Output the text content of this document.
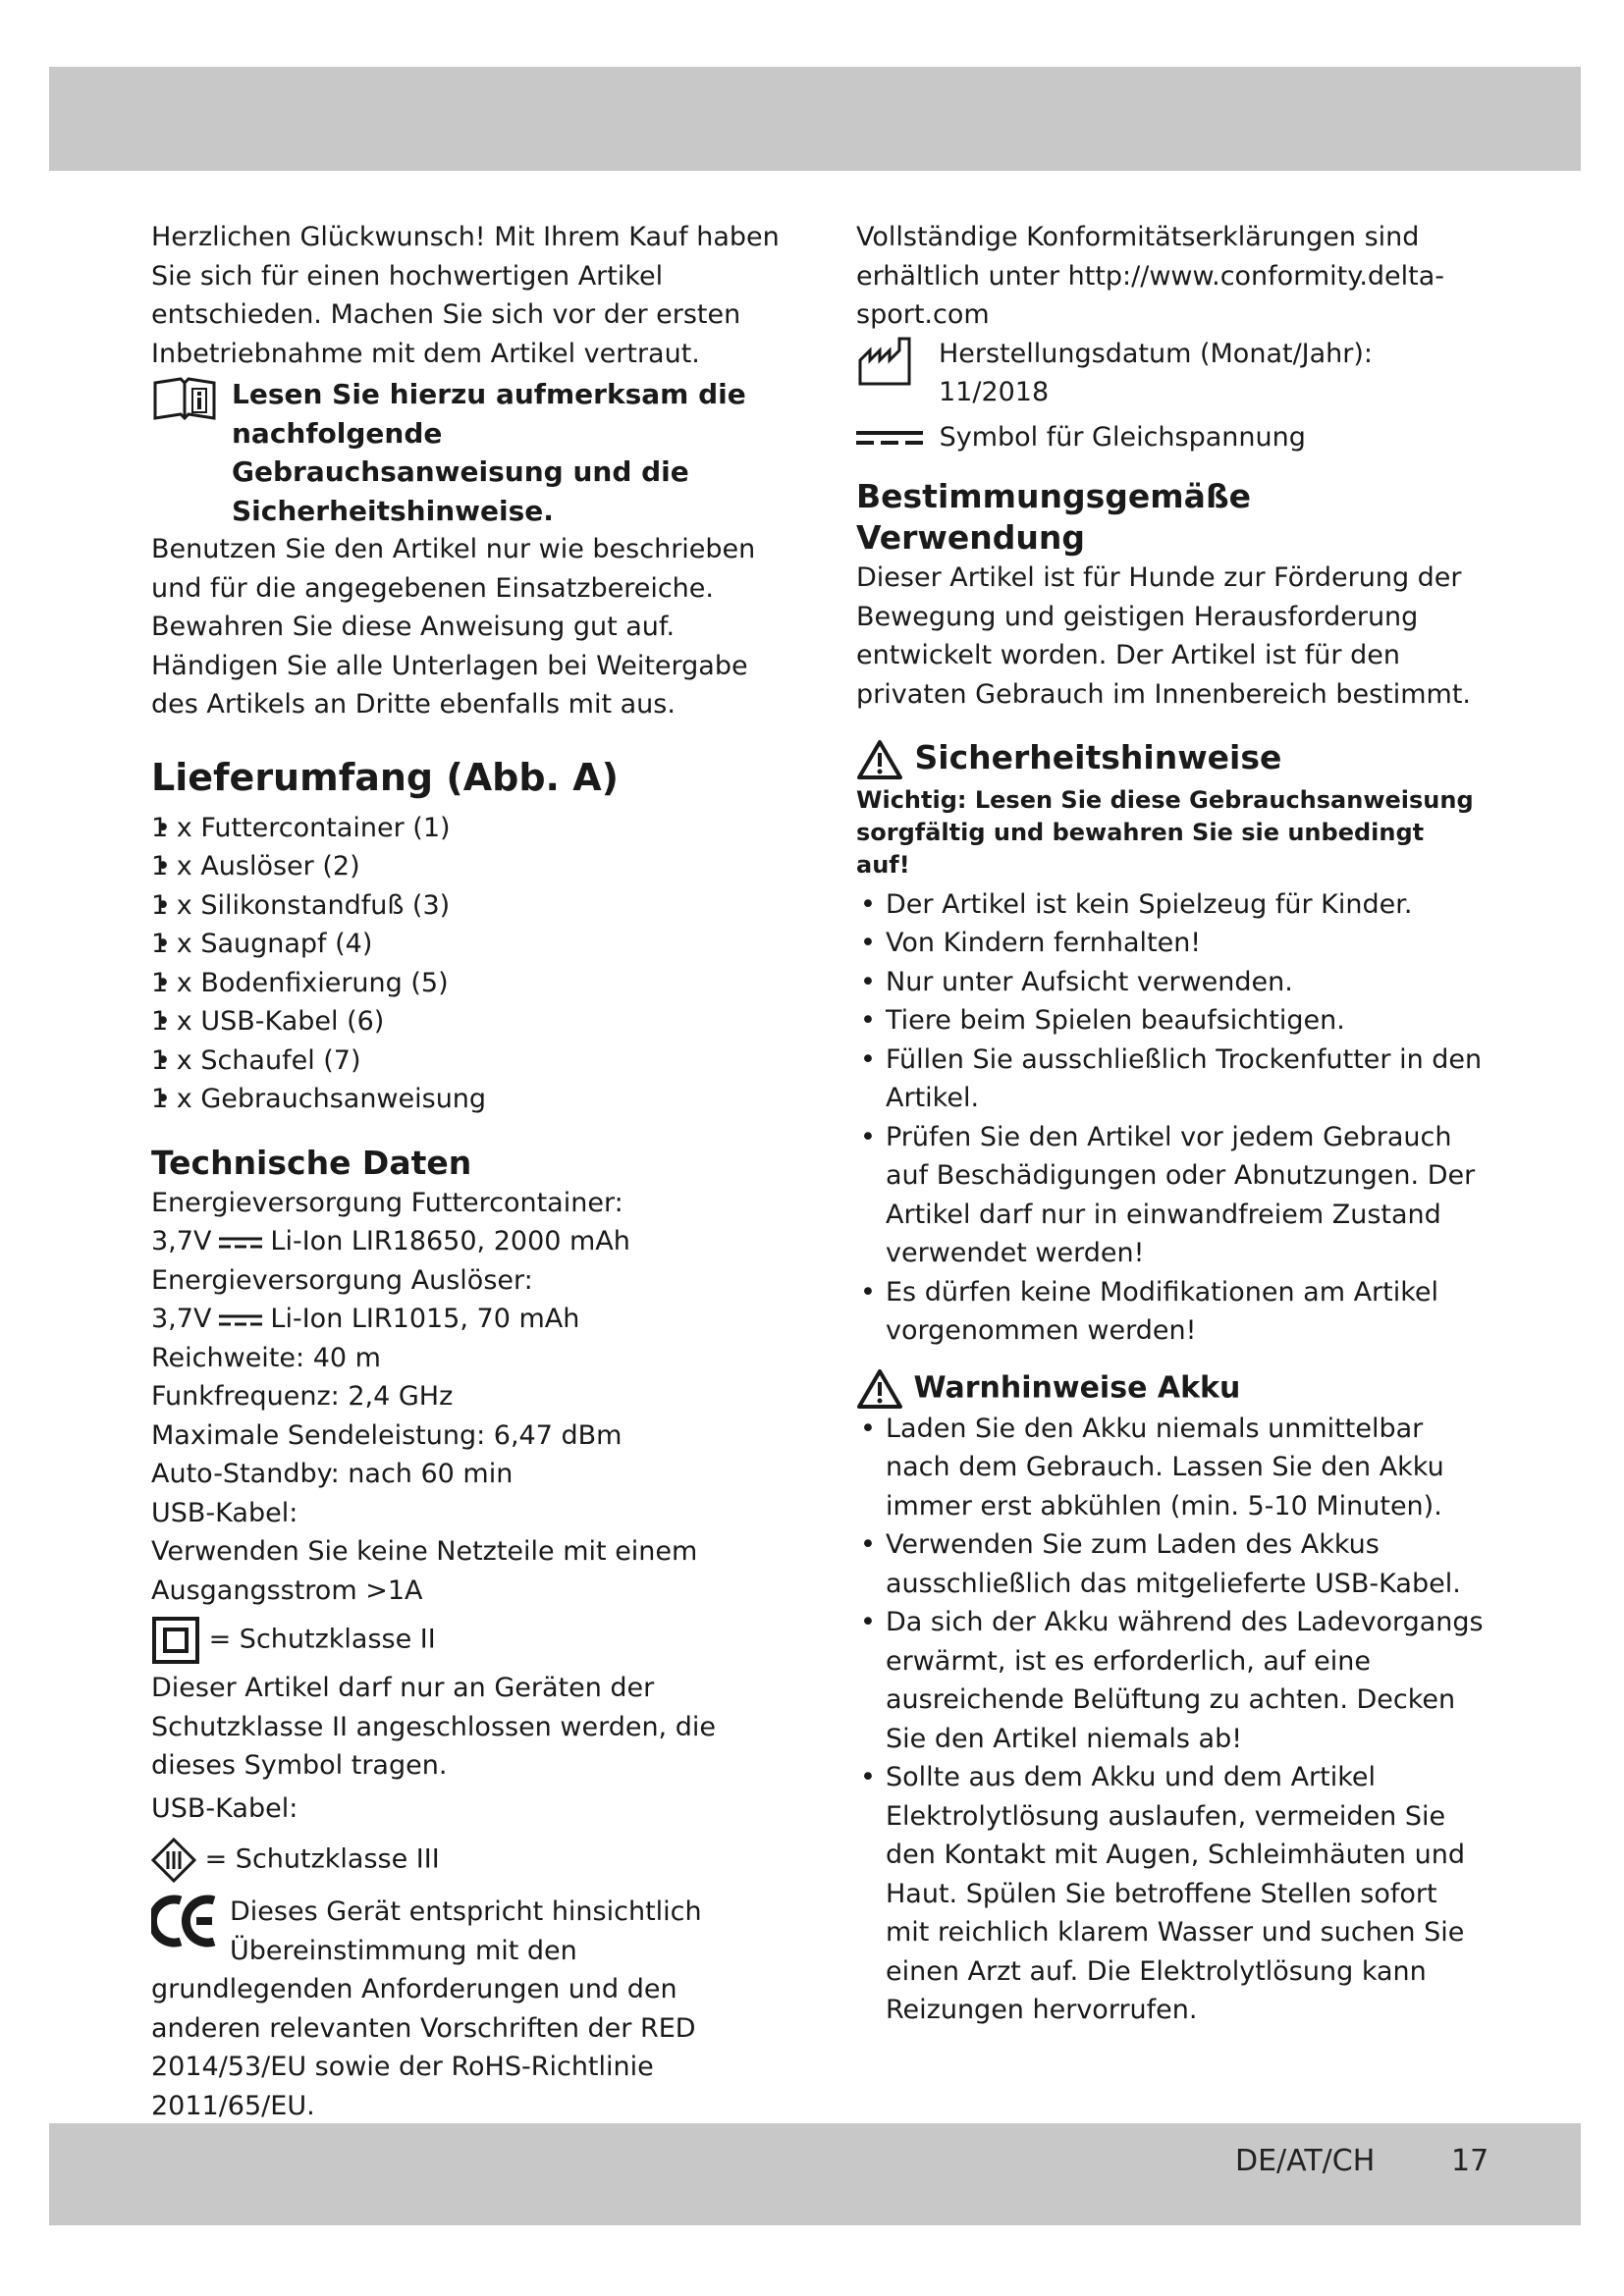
Herzlichen Glückwunsch! Mit Ihrem Kauf haben Sie sich für einen hochwertigen Artikel entschieden. Machen Sie sich vor der ersten Inbetriebnahme mit dem Artikel vertraut.

Lesen Sie hierzu aufmerksam die nachfolgende Gebrauchsanweisung und die Sicherheitshinweise.

Benutzen Sie den Artikel nur wie beschrieben und für die angegebenen Einsatzbereiche. Bewahren Sie diese Anweisung gut auf. Händigen Sie alle Unterlagen bei Weitergabe des Artikels an Dritte ebenfalls mit aus.

Lieferumfang (Abb. A)

• 1 x Futtercontainer (1)
• 1 x Auslöser (2)
• 1 x Silikonstandfuß (3)
• 1 x Saugnapf (4)
• 1 x Bodenfixierung (5)
• 1 x USB-Kabel (6)
• 1 x Schaufel (7)
• 1 x Gebrauchsanweisung

Technische Daten

Energieversorgung Futtercontainer:

3,7V Li-Ion LIR18650, 2000 mAh

Energieversorgung Auslöser:

3,7V Li-Ion LIR1015, 70 mAh

Reichweite: 40 m

Funkfrequenz: 2,4 GHz

Maximale Sendeleistung: 6,47 dBm

Auto-Standby: nach 60 min

USB-Kabel:

Verwenden Sie keine Netzteile mit einem Ausgangsstrom >1A

= Schutzklasse II

Dieser Artikel darf nur an Geräten der Schutzklasse II angeschlossen werden, die dieses Symbol tragen.

USB-Kabel:

= Schutzklasse III

Dieses Gerät entspricht hinsichtlich Übereinstimmung mit den grundlegenden Anforderungen und den anderen relevanten Vorschriften der RED 2014/53/EU sowie der RoHS-Richtlinie 2011/65/EU.

Vollständige Konformitätserklärungen sind erhältlich unter http://www.conformity.delta-sport.com

Herstellungsdatum (Monat/Jahr):

11/2018

Symbol für Gleichspannung

Bestimmungsgemäße Verwendung

Dieser Artikel ist für Hunde zur Förderung der Bewegung und geistigen Herausforderung entwickelt worden. Der Artikel ist für den privaten Gebrauch im Innenbereich bestimmt.

Sicherheitshinweise

Wichtig: Lesen Sie diese Gebrauchsanweisung sorgfältig und bewahren Sie sie unbedingt auf!

• Der Artikel ist kein Spielzeug für Kinder.
• Von Kindern fernhalten!
• Nur unter Aufsicht verwenden.
• Tiere beim Spielen beaufsichtigen.
• Füllen Sie ausschließlich Trockenfutter in den Artikel.
• Prüfen Sie den Artikel vor jedem Gebrauch auf Beschädigungen oder Abnutzungen. Der Artikel darf nur in einwandfreiem Zustand verwendet werden!
• Es dürfen keine Modifikationen am Artikel vorgenommen werden!

Warnhinweise Akku

• Laden Sie den Akku niemals unmittelbar nach dem Gebrauch. Lassen Sie den Akku immer erst abkühlen (min. 5-10 Minuten).
• Verwenden Sie zum Laden des Akkus ausschließlich das mitgelieferte USB-Kabel.
• Da sich der Akku während des Ladevorgangs erwärmt, ist es erforderlich, auf eine ausreichende Belüftung zu achten. Decken Sie den Artikel niemals ab!
• Sollte aus dem Akku und dem Artikel Elektrolytlösung auslaufen, vermeiden Sie den Kontakt mit Augen, Schleimhäuten und Haut. Spülen Sie betroffene Stellen sofort mit reichlich klarem Wasser und suchen Sie einen Arzt auf. Die Elektrolytlösung kann Reizungen hervorrufen.
DE/AT/CH	17
